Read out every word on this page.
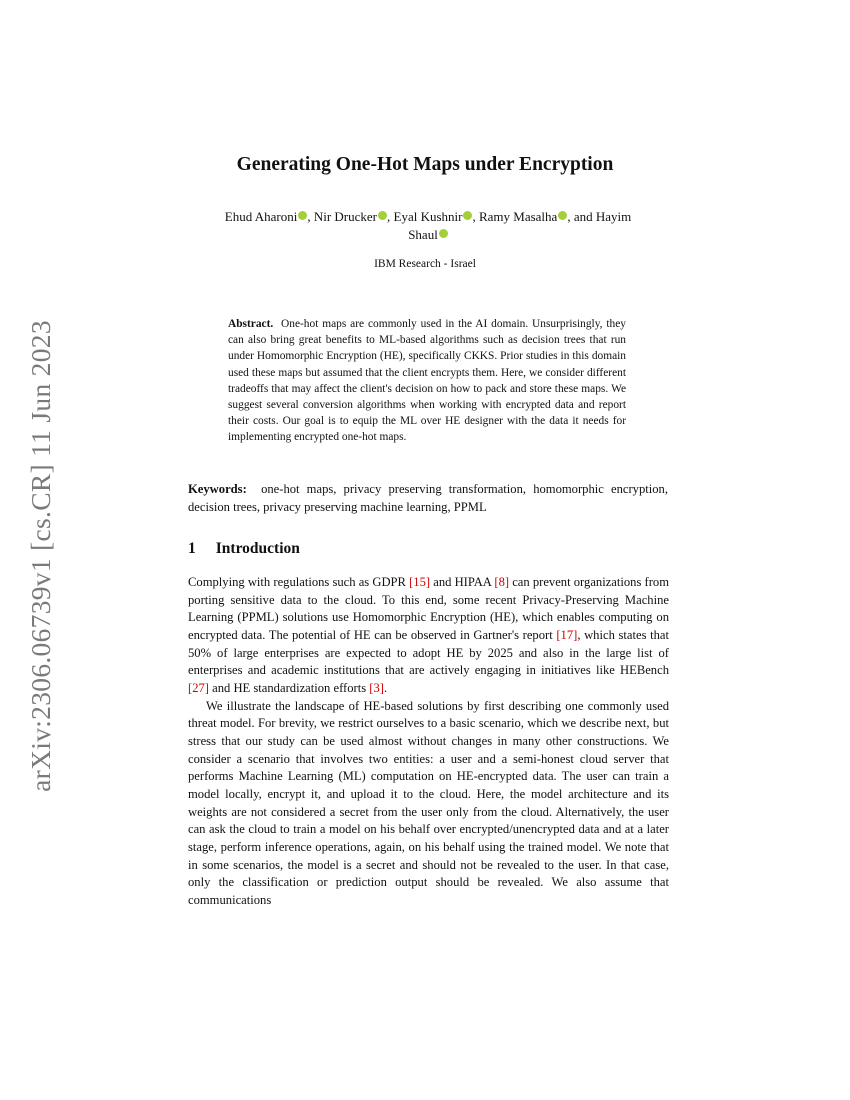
arXiv:2306.06739v1 [cs.CR] 11 Jun 2023
Generating One-Hot Maps under Encryption
Ehud Aharoni , Nir Drucker , Eyal Kushnir , Ramy Masalha , and Hayim
Shaul
IBM Research - Israel
Abstract. One-hot maps are commonly used in the AI domain. Unsurprisingly, they can also bring great benefits to ML-based algorithms such as decision trees that run under Homomorphic Encryption (HE), specifically CKKS. Prior studies in this domain used these maps but assumed that the client encrypts them. Here, we consider different tradeoffs that may affect the client's decision on how to pack and store these maps. We suggest several conversion algorithms when working with encrypted data and report their costs. Our goal is to equip the ML over HE designer with the data it needs for implementing encrypted one-hot maps.
Keywords: one-hot maps, privacy preserving transformation, homomorphic encryption, decision trees, privacy preserving machine learning, PPML
1 Introduction

Complying with regulations such as GDPR [15] and HIPAA [8] can prevent organizations from porting sensitive data to the cloud. To this end, some recent Privacy-Preserving Machine Learning (PPML) solutions use Homomorphic Encryption (HE), which enables computing on encrypted data. The potential of HE can be observed in Gartner's report [17], which states that 50% of large enterprises are expected to adopt HE by 2025 and also in the large list of enterprises and academic institutions that are actively engaging in initiatives like HEBench [27] and HE standardization efforts [3].

We illustrate the landscape of HE-based solutions by first describing one commonly used threat model. For brevity, we restrict ourselves to a basic scenario, which we describe next, but stress that our study can be used almost without changes in many other constructions. We consider a scenario that involves two entities: a user and a semi-honest cloud server that performs Machine Learning (ML) computation on HE-encrypted data. The user can train a model locally, encrypt it, and upload it to the cloud. Here, the model architecture and its weights are not considered a secret from the user only from the cloud. Alternatively, the user can ask the cloud to train a model on his behalf over encrypted/unencrypted data and at a later stage, perform inference operations, again, on his behalf using the trained model. We note that in some scenarios, the model is a secret and should not be revealed to the user. In that case, only the classification or prediction output should be revealed. We also assume that communications
